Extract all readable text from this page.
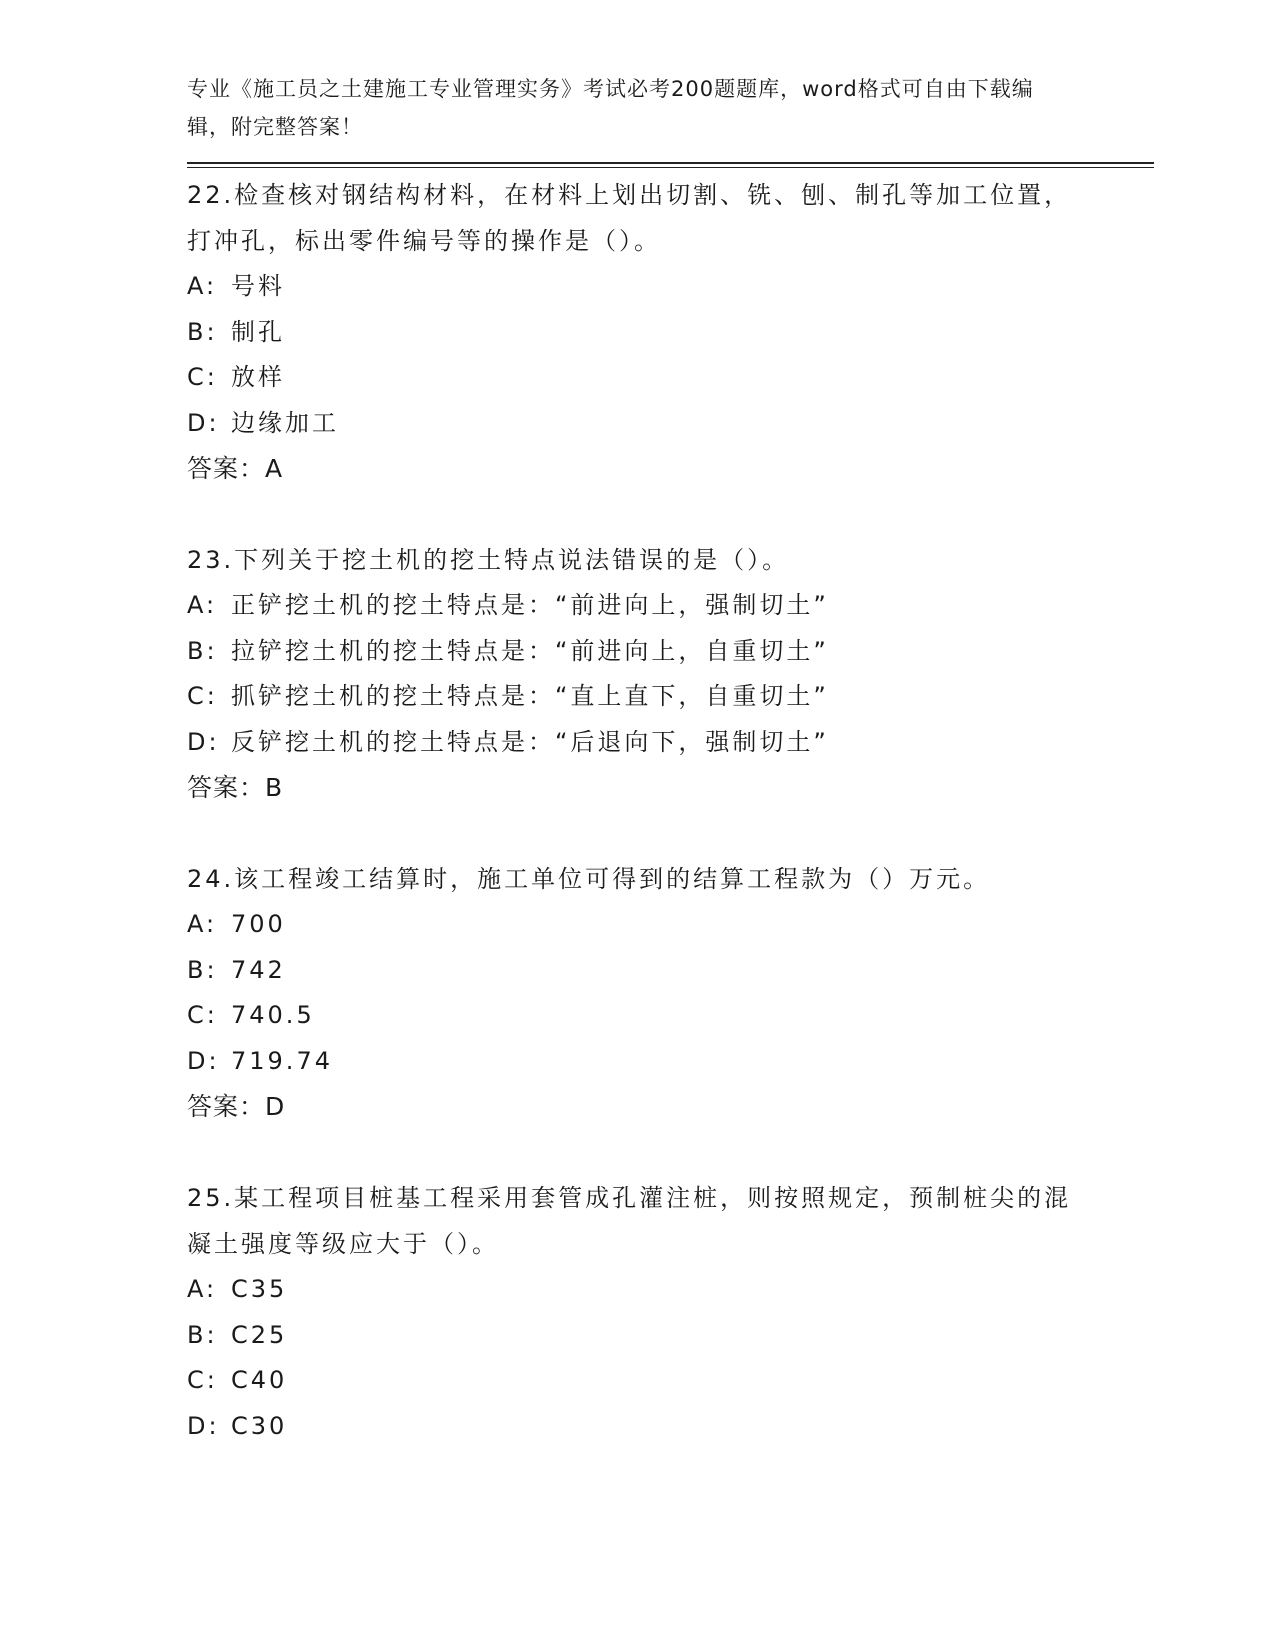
专业《施工员之土建施工专业管理实务》考试必考200题题库，word格式可自由下载编辑，附完整答案！
22.检查核对钢结构材料，在材料上划出切割、铣、刨、制孔等加工位置，打冲孔，标出零件编号等的操作是（）。
A: 号料
B: 制孔
C: 放样
D: 边缘加工
答案：A
23.下列关于挖土机的挖土特点说法错误的是（）。
A: 正铲挖土机的挖土特点是：“前进向上，强制切土”
B: 拉铲挖土机的挖土特点是：“前进向上，自重切土”
C: 抓铲挖土机的挖土特点是：“直上直下，自重切土”
D: 反铲挖土机的挖土特点是：“后退向下，强制切土”
答案：B
24.该工程竣工结算时，施工单位可得到的结算工程款为（）万元。
A: 700
B: 742
C: 740.5
D: 719.74
答案：D
25.某工程项目桩基工程采用套管成孔灌注桩，则按照规定，预制桩尖的混凝土强度等级应大于（）。
A: C35
B: C25
C: C40
D: C30
